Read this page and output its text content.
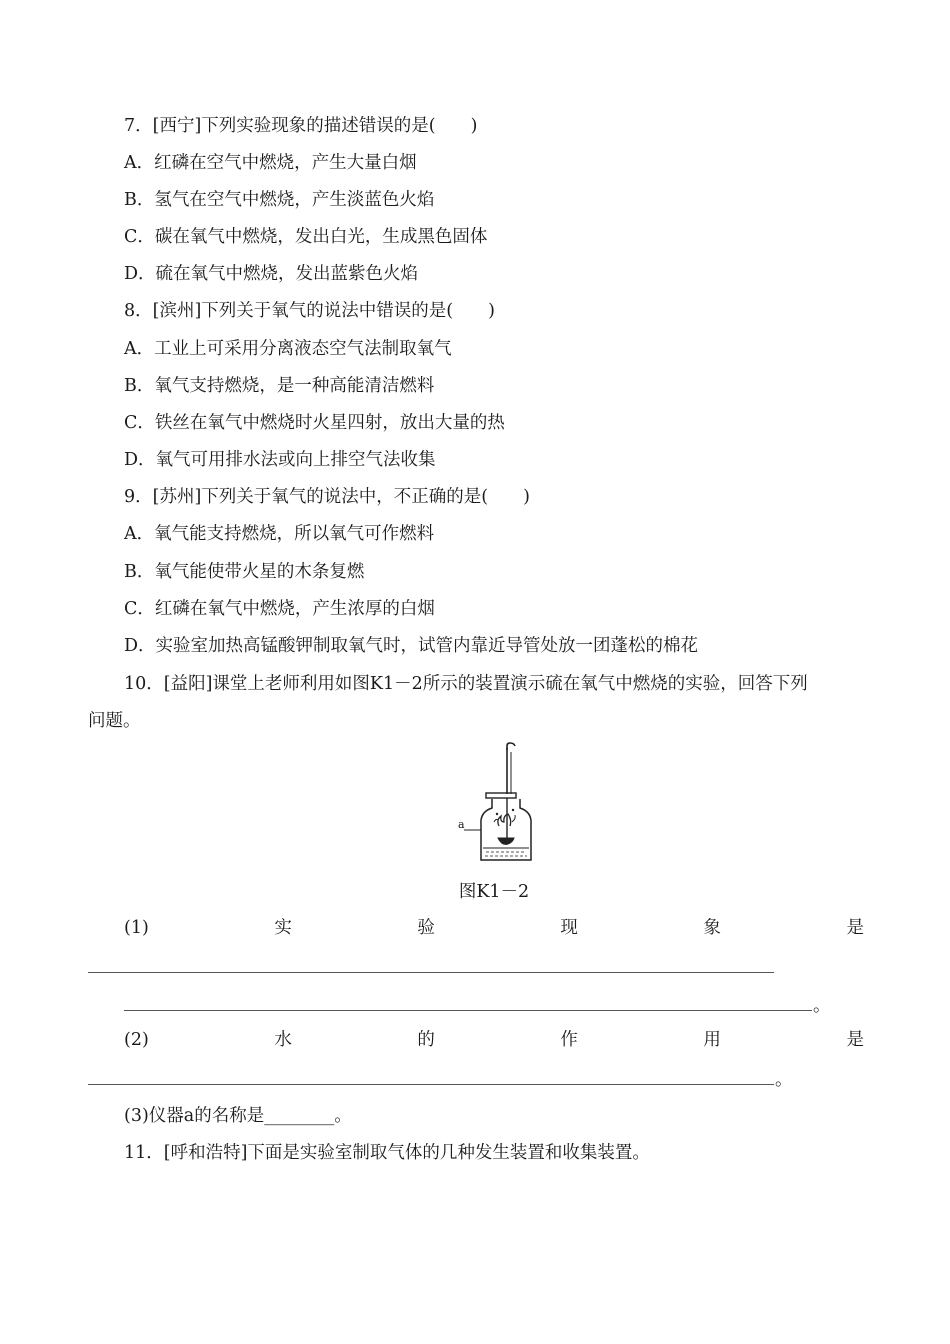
7．[西宁]下列实验现象的描述错误的是(　　)
A．红磷在空气中燃烧，产生大量白烟
B．氢气在空气中燃烧，产生淡蓝色火焰
C．碳在氧气中燃烧，发出白光，生成黑色固体
D．硫在氧气中燃烧，发出蓝紫色火焰
8．[滨州]下列关于氧气的说法中错误的是(　　)
A．工业上可采用分离液态空气法制取氧气
B．氧气支持燃烧，是一种高能清洁燃料
C．铁丝在氧气中燃烧时火星四射，放出大量的热
D．氧气可用排水法或向上排空气法收集
9．[苏州]下列关于氧气的说法中，不正确的是(　　)
A．氧气能支持燃烧，所以氧气可作燃料
B．氧气能使带火星的木条复燃
C．红磷在氧气中燃烧，产生浓厚的白烟
D．实验室加热高锰酸钾制取氧气时，试管内靠近导管处放一团蓬松的棉花
10．[益阳]课堂上老师利用如图K1－2所示的装置演示硫在氧气中燃烧的实验，回答下列
问题。
a
图K1－2
(1)	实	验	现	象	是
。
(2)	水	的	作	用	是
。
(3)仪器a的名称是________。
11．[呼和浩特]下面是实验室制取气体的几种发生装置和收集装置。
